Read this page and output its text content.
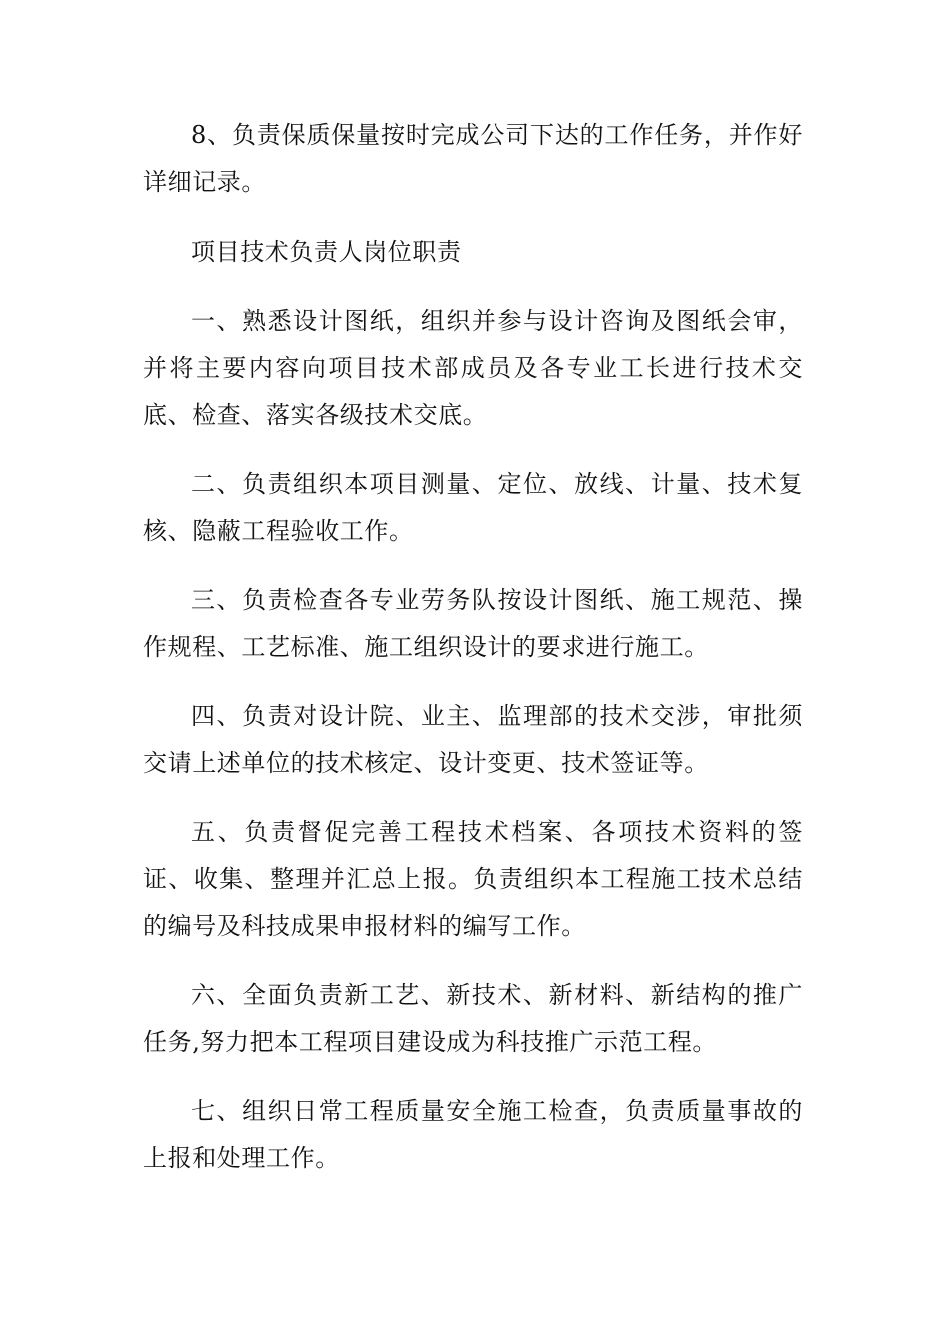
8、负责保质保量按时完成公司下达的工作任务，并作好详细记录。

项目技术负责人岗位职责

一、熟悉设计图纸，组织并参与设计咨询及图纸会审，并将主要内容向项目技术部成员及各专业工长进行技术交底、检查、落实各级技术交底。

二、负责组织本项目测量、定位、放线、计量、技术复核、隐蔽工程验收工作。

三、负责检查各专业劳务队按设计图纸、施工规范、操作规程、工艺标准、施工组织设计的要求进行施工。

四、负责对设计院、业主、监理部的技术交涉，审批须交请上述单位的技术核定、设计变更、技术签证等。

五、负责督促完善工程技术档案、各项技术资料的签证、收集、整理并汇总上报。负责组织本工程施工技术总结的编号及科技成果申报材料的编写工作。

六、全面负责新工艺、新技术、新材料、新结构的推广任务,努力把本工程项目建设成为科技推广示范工程。

七、组织日常工程质量安全施工检查，负责质量事故的上报和处理工作。
